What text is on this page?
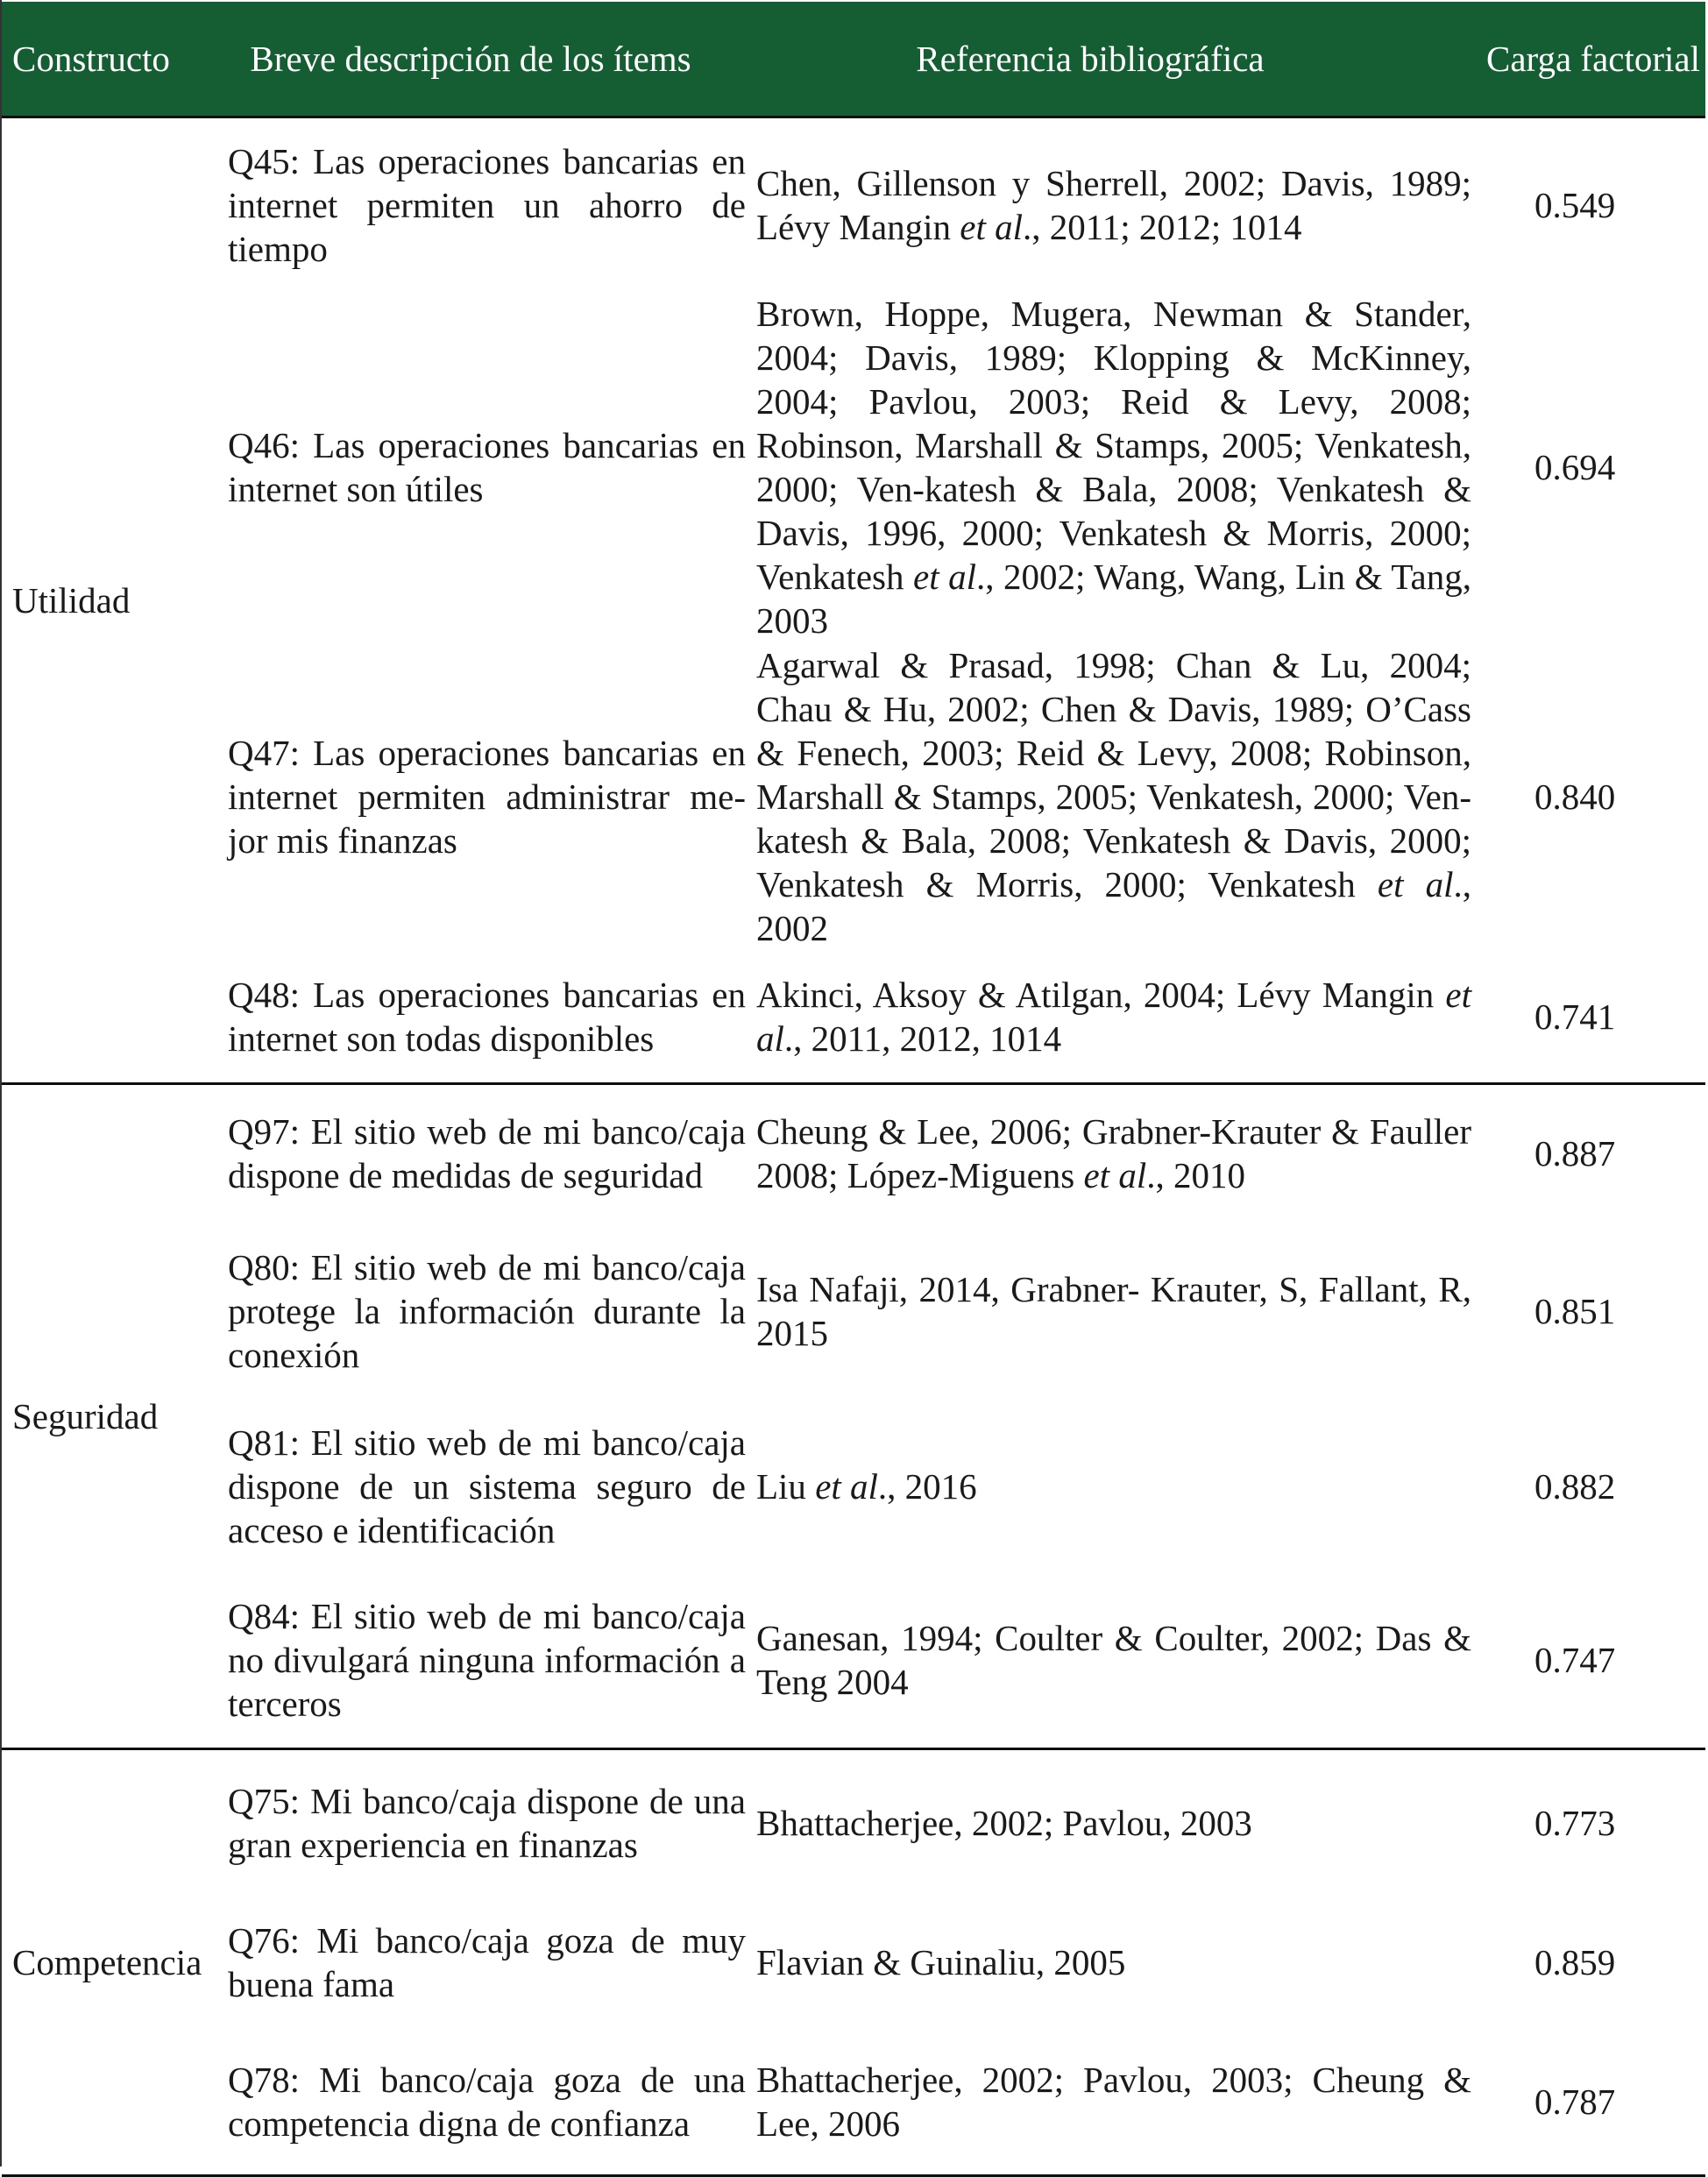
Constructo	Breve descripción de los ítems	Referencia bibliográfica	Carga factorial
Utilidad	Q45: Las operaciones bancarias en internet permiten un ahorro de tiempo	Chen, Gillenson y Sherrell, 2002; Davis, 1989; Lévy Mangin et al., 2011; 2012; 1014	0.549
	Q46: Las operaciones bancarias en internet son útiles	Brown, Hoppe, Mugera, Newman & Stander, 2004; Davis, 1989; Klopping & McKinney, 2004; Pavlou, 2003; Reid & Levy, 2008; Robinson, Marshall & Stamps, 2005; Venkatesh, 2000; Ven-katesh & Bala, 2008; Venkatesh & Davis, 1996, 2000; Venkatesh & Morris, 2000; Venkatesh et al., 2002; Wang, Wang, Lin & Tang, 2003	0.694
	Q47: Las operaciones bancarias en internet permiten administrar me-jor mis finanzas	Agarwal & Prasad, 1998; Chan & Lu, 2004; Chau & Hu, 2002; Chen & Davis, 1989; O’Cass & Fenech, 2003; Reid & Levy, 2008; Robinson, Marshall & Stamps, 2005; Venkatesh, 2000; Ven-katesh & Bala, 2008; Venkatesh & Davis, 2000; Venkatesh & Morris, 2000; Venkatesh et al., 2002	0.840
	Q48: Las operaciones bancarias en internet son todas disponibles	Akinci, Aksoy & Atilgan, 2004; Lévy Mangin et al., 2011, 2012, 1014	0.741
Seguridad	Q97: El sitio web de mi banco/caja dispone de medidas de seguridad	Cheung & Lee, 2006; Grabner-Krauter & Fauller 2008; López-Miguens et al., 2010	0.887
	Q80: El sitio web de mi banco/caja protege la información durante la conexión	Isa Nafaji, 2014, Grabner- Krauter, S, Fallant, R, 2015	0.851
	Q81: El sitio web de mi banco/caja dispone de un sistema seguro de acceso e identificación	Liu et al., 2016	0.882
	Q84: El sitio web de mi banco/caja no divulgará ninguna información a terceros	Ganesan, 1994; Coulter & Coulter, 2002; Das & Teng 2004	0.747
Competencia	Q75: Mi banco/caja dispone de una gran experiencia en finanzas	Bhattacherjee, 2002; Pavlou, 2003	0.773
	Q76: Mi banco/caja goza de muy buena fama	Flavian & Guinaliu, 2005	0.859
	Q78: Mi banco/caja goza de una competencia digna de confianza	Bhattacherjee, 2002; Pavlou, 2003; Cheung & Lee, 2006	0.787
